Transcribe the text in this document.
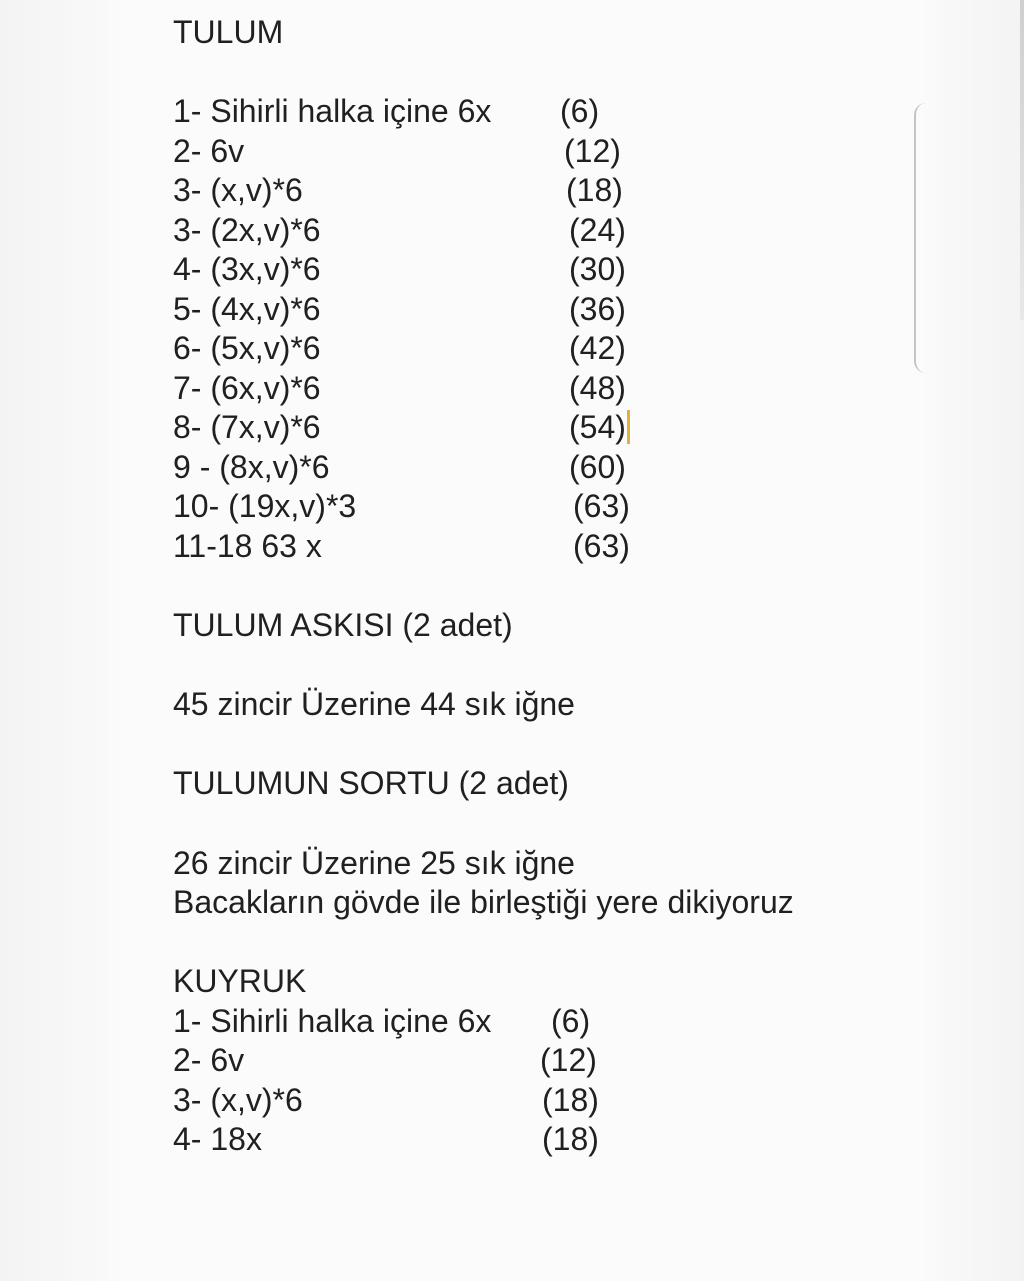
TULUM
1- Sihirli halka içine 6x (6)
2- 6v	(12)
3- (x,v)*6	(18)
3- (2x,v)*6	(24)
4- (3x,v)*6	(30)
5- (4x,v)*6	(36)
6- (5x,v)*6	(42)
7- (6x,v)*6	(48)
8- (7x,v)*6	(54)
9 - (8x,v)*6	(60)
10- (19x,v)*3	(63)
11-18 63 x	(63)
TULUM ASKISI (2 adet)
45 zincir Üzerine 44 sık iğne
TULUMUN SORTU (2 adet)
26 zincir Üzerine 25 sık iğne
Bacakların gövde ile birleştiği yere dikiyoruz
KUYRUK
1- Sihirli halka içine 6x (6)
2- 6v	(12)
3- (x,v)*6	(18)
4- 18x	(18)
